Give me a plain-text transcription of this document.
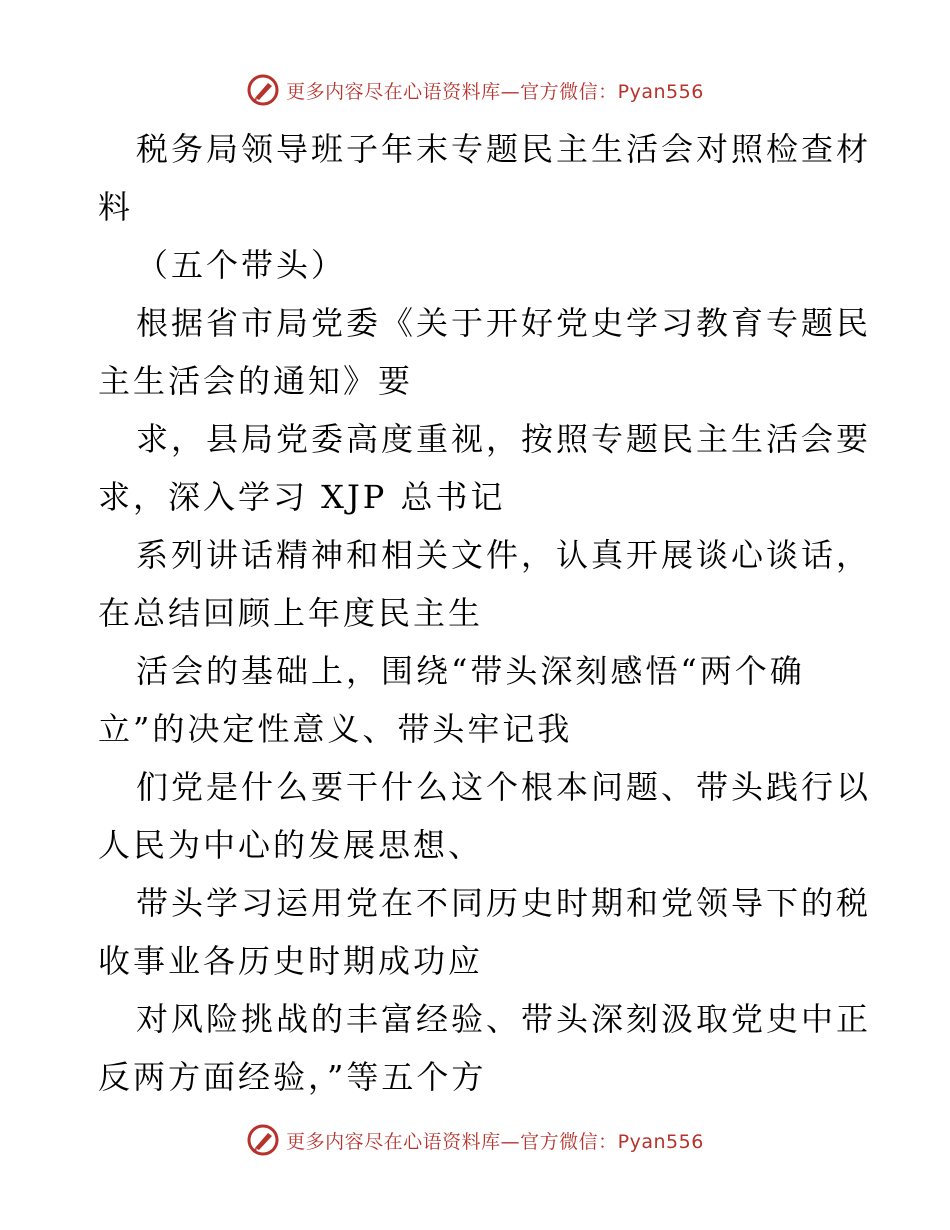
更多内容尽在心语资料库—官方微信：Pyan556
税务局领导班子年末专题民主生活会对照检查材
料
（五个带头）
根据省市局党委《关于开好党史学习教育专题民
主生活会的通知》要
求，县局党委高度重视，按照专题民主生活会要
求，深入学习 XJP 总书记
系列讲话精神和相关文件，认真开展谈心谈话，
在总结回顾上年度民主生
活会的基础上，围绕“带头深刻感悟“两个确
立”的决定性意义、带头牢记我
们党是什么要干什么这个根本问题、带头践行以
人民为中心的发展思想、
带头学习运用党在不同历史时期和党领导下的税
收事业各历史时期成功应
对风险挑战的丰富经验、带头深刻汲取党史中正
反两方面经验，”等五个方
更多内容尽在心语资料库—官方微信：Pyan556
